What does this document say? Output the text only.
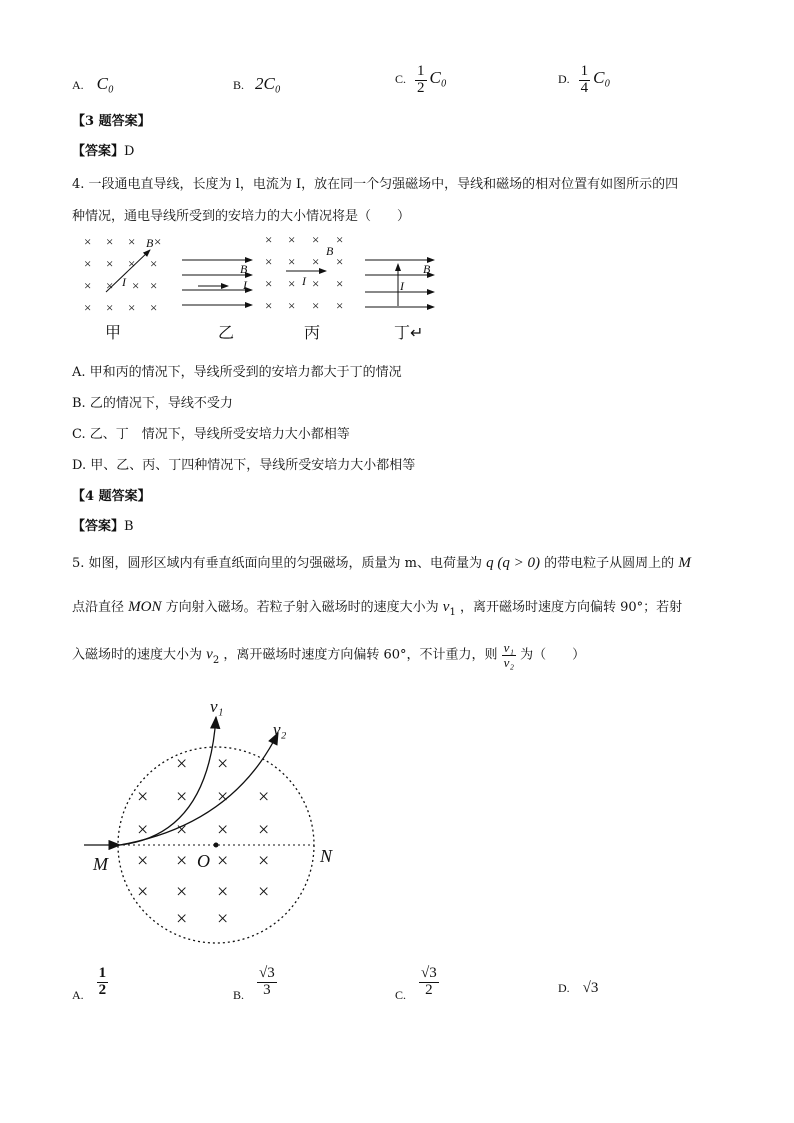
A. C₀	B. 2C₀	C. $\frac{1}{2} C_0$	D. $\frac{1}{4} C_0$
【3 题答案】
【答案】D
4. 一段通电直导线，长度为 l，电流为 I，放在同一个匀强磁场中，导线和磁场的相对位置有如图所示的四
种情况，通电导线所受到的安培力的大小情况将是（　　）
× × × ×
× × × ×
× × × ×
× × × ×
B
I
B
I
× × × ×
× × × ×
× × × ×
× × × ×
B
I
B
I
甲	乙	丙	丁↵
A. 甲和丙的情况下，导线所受到的安培力都大于丁的情况
B. 乙的情况下，导线不受力
C. 乙、丁　情况下，导线所受安培力大小都相等
D. 甲、乙、丙、丁四种情况下，导线所受安培力大小都相等
【4 题答案】
【答案】B
5. 如图，圆形区域内有垂直纸面向里的匀强磁场，质量为 m、电荷量为 q (q > 0) 的带电粒子从圆周上的 M
点沿直径 MON 方向射入磁场。若粒子射入磁场时的速度大小为 $v_1$ ，离开磁场时速度方向偏转 90°；若射
入磁场时的速度大小为 $v_2$ ，离开磁场时速度方向偏转 60°，不计重力，则 $\frac{\text{v₁}}{\text{v₂}}$ 为（　　）
× ×
× × × ×
× × × ×
× × × ×
× × × ×
× ×
v₁
v₂
M	O	N
A. $\frac{1}{2}$	B. $\frac{√3}{3}$	C. $\frac{√3}{2}$	D. √3
